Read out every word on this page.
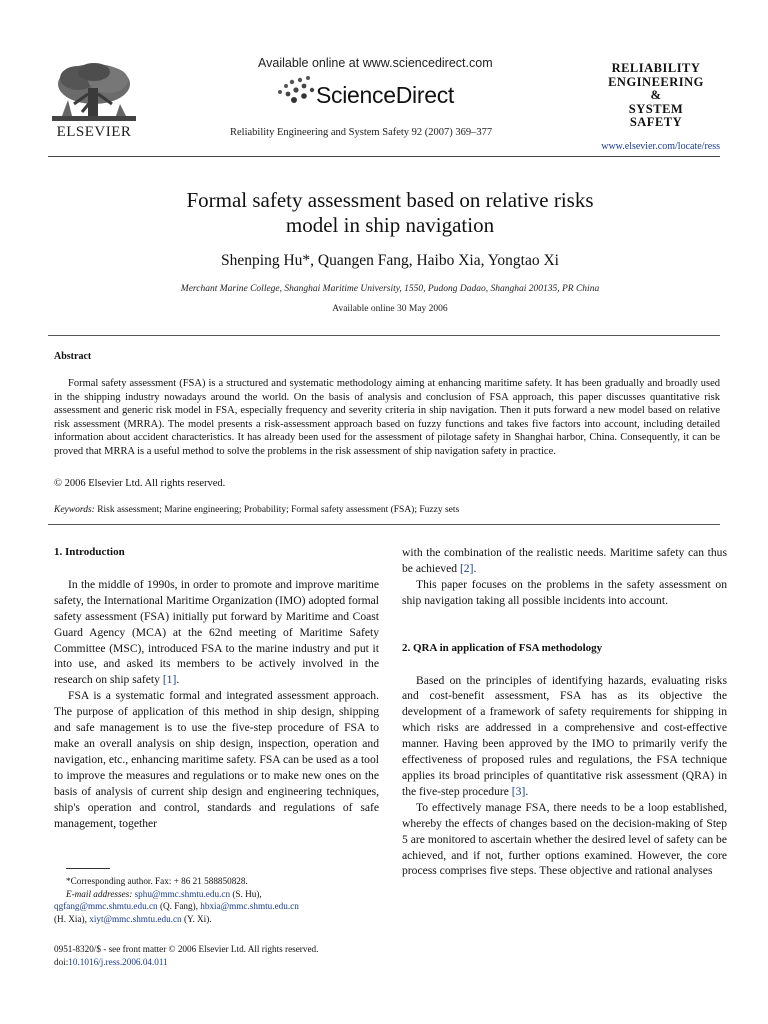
ELSEVIER
Available online at www.sciencedirect.com
ScienceDirect
Reliability Engineering and System Safety 92 (2007) 369–377
RELIABILITY
ENGINEERING
&
SYSTEM
SAFETY
www.elsevier.com/locate/ress
Formal safety assessment based on relative risks
model in ship navigation
Shenping Hu*, Quangen Fang, Haibo Xia, Yongtao Xi
Merchant Marine College, Shanghai Maritime University, 1550, Pudong Dadao, Shanghai 200135, PR China
Available online 30 May 2006
Abstract
Formal safety assessment (FSA) is a structured and systematic methodology aiming at enhancing maritime safety. It has been gradually and broadly used in the shipping industry nowadays around the world. On the basis of analysis and conclusion of FSA approach, this paper discusses quantitative risk assessment and generic risk model in FSA, especially frequency and severity criteria in ship navigation. Then it puts forward a new model based on relative risk assessment (MRRA). The model presents a risk-assessment approach based on fuzzy functions and takes five factors into account, including detailed information about accident characteristics. It has already been used for the assessment of pilotage safety in Shanghai harbor, China. Consequently, it can be proved that MRRA is a useful method to solve the problems in the risk assessment of ship navigation safety in practice.
© 2006 Elsevier Ltd. All rights reserved.
Keywords: Risk assessment; Marine engineering; Probability; Formal safety assessment (FSA); Fuzzy sets

1. Introduction

In the middle of 1990s, in order to promote and improve maritime safety, the International Maritime Organization (IMO) adopted formal safety assessment (FSA) initially put forward by Maritime and Coast Guard Agency (MCA) at the 62nd meeting of Maritime Safety Committee (MSC), introduced FSA to the marine industry and put it into use, and asked its members to be actively involved in the research on ship safety [1].

FSA is a systematic formal and integrated assessment approach. The purpose of application of this method in ship design, shipping and safe management is to use the five-step procedure of FSA to make an overall analysis on ship design, inspection, operation and navigation, etc., enhancing maritime safety. FSA can be used as a tool to improve the measures and regulations or to make new ones on the basis of analysis of current ship design and engineering techniques, ship's operation and control, standards and regulations of safe management, together

with the combination of the realistic needs. Maritime safety can thus be achieved [2].

This paper focuses on the problems in the safety assessment on ship navigation taking all possible incidents into account.

2. QRA in application of FSA methodology

Based on the principles of identifying hazards, evaluating risks and cost-benefit assessment, FSA has as its objective the development of a framework of safety requirements for shipping in which risks are addressed in a comprehensive and cost-effective manner. Having been approved by the IMO to primarily verify the effectiveness of proposed rules and regulations, the FSA technique applies its broad principles of quantitative risk assessment (QRA) in the five-step procedure [3].

To effectively manage FSA, there needs to be a loop established, whereby the effects of changes based on the decision-making of Step 5 are monitored to ascertain whether the desired level of safety can be achieved, and if not, further options examined. However, the core process comprises five steps. These objective and rational analyses

*Corresponding author. Fax: + 86 21 588850828.
E-mail addresses: sphu@mmc.shmtu.edu.cn (S. Hu),
qgfang@mmc.shmtu.edu.cn (Q. Fang), hbxia@mmc.shmtu.edu.cn
(H. Xia), xiyt@mmc.shmtu.edu.cn (Y. Xi).
0951-8320/$ - see front matter © 2006 Elsevier Ltd. All rights reserved.
doi:10.1016/j.ress.2006.04.011
